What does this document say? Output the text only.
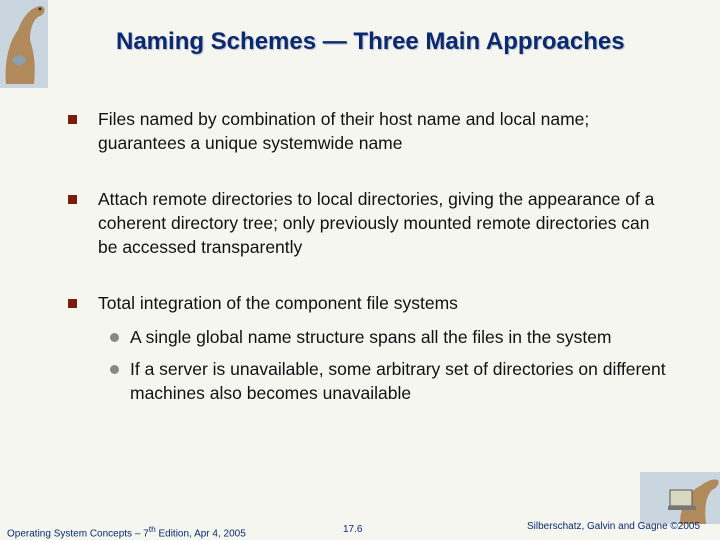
Naming Schemes — Three Main Approaches
Files named by combination of their host name and local name; guarantees a unique systemwide name
Attach remote directories to local directories, giving the appearance of a coherent directory tree; only previously mounted remote directories can be accessed transparently
Total integration of the component file systems
A single global name structure spans all the files in the system
If a server is unavailable, some arbitrary set of directories on different machines also becomes unavailable
Operating System Concepts – 7th Edition, Apr 4, 2005	17.6	Silberschatz, Galvin and Gagne ©2005
